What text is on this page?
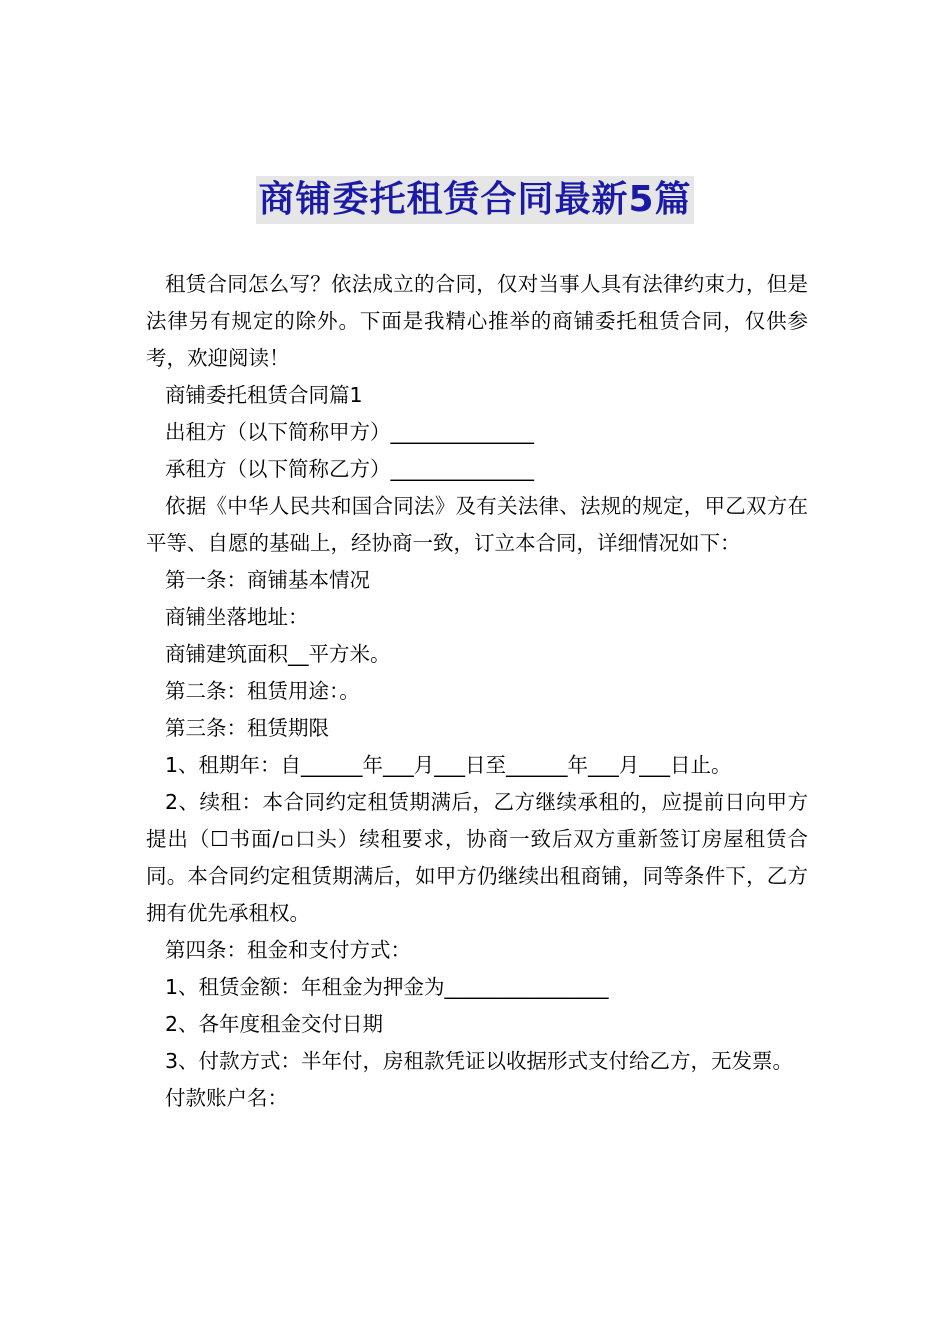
商铺委托租赁合同最新5篇

租赁合同怎么写？依法成立的合同，仅对当事人具有法律约束力，但是法律另有规定的除外。下面是我精心推举的商铺委托租赁合同，仅供参考，欢迎阅读！

商铺委托租赁合同篇1

出租方（以下简称甲方）______________

承租方（以下简称乙方）______________

依据《中华人民共和国合同法》及有关法律、法规的规定，甲乙双方在平等、自愿的基础上，经协商一致，订立本合同，详细情况如下：

第一条：商铺基本情况

商铺坐落地址：

商铺建筑面积__平方米。

第二条：租赁用途：。

第三条：租赁期限

1、租期年：自______年___月___日至______年___月___日止。

2、续租：本合同约定租赁期满后，乙方继续承租的，应提前日向甲方提出（☐书面/▫口头）续租要求，协商一致后双方重新签订房屋租赁合同。本合同约定租赁期满后，如甲方仍继续出租商铺，同等条件下，乙方拥有优先承租权。

第四条：租金和支付方式：

1、租赁金额：年租金为押金为________________

2、各年度租金交付日期

3、付款方式：半年付，房租款凭证以收据形式支付给乙方，无发票。

付款账户名：
